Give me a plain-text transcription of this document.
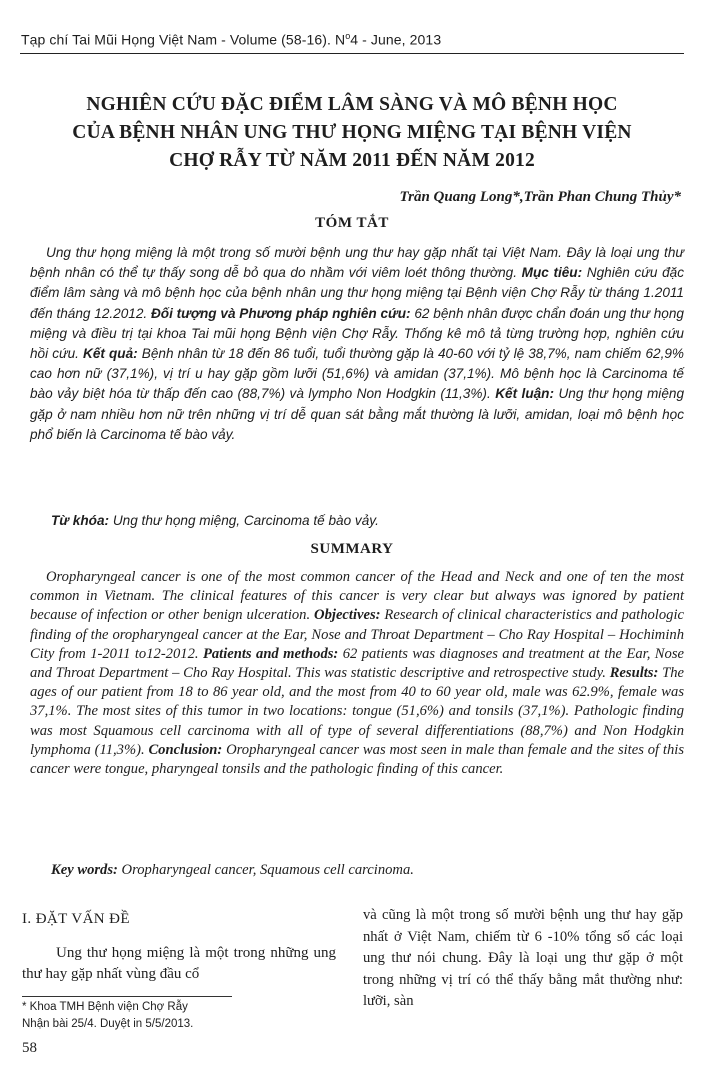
Tạp chí Tai Mũi Họng Việt Nam - Volume (58-16). $N^o4$ - June, 2013
NGHIÊN CỨU ĐẶC ĐIỂM LÂM SÀNG VÀ MÔ BỆNH HỌC
CỦA BỆNH NHÂN UNG THƯ HỌNG MIỆNG TẠI BỆNH VIỆN
CHỢ RẪY TỪ NĂM 2011 ĐẾN NĂM 2012
Trần Quang Long*,Trần Phan Chung Thủy*
TÓM TẮT

Ung thư họng miệng là một trong số mười bệnh ung thư hay gặp nhất tại Việt Nam. Đây là loại ung thư bệnh nhân có thể tự thấy song dễ bỏ qua do nhầm với viêm loét thông thường. Mục tiêu: Nghiên cứu đặc điểm lâm sàng và mô bệnh học của bệnh nhân ung thư họng miệng tại Bệnh viện Chợ Rẫy từ tháng 1.2011 đến tháng 12.2012. Đối tượng và Phương pháp nghiên cứu: 62 bệnh nhân được chẩn đoán ung thư họng miệng và điều trị tại khoa Tai mũi họng Bệnh viện Chợ Rẫy. Thống kê mô tả từng trường hợp, nghiên cứu hồi cứu. Kết quả: Bệnh nhân từ 18 đến 86 tuổi, tuổi thường gặp là 40-60 với tỷ lệ 38,7%, nam chiếm 62,9% cao hơn nữ (37,1%), vị trí u hay gặp gồm lưỡi (51,6%) và amidan (37,1%). Mô bệnh học là Carcinoma tế bào vảy biệt hóa từ thấp đến cao (88,7%) và lympho Non Hodgkin (11,3%). Kết luận: Ung thư họng miệng gặp ở nam nhiều hơn nữ trên những vị trí dễ quan sát bằng mắt thường là lưỡi, amidan, loại mô bệnh học phổ biến là Carcinoma tế bào vảy.

Từ khóa: Ung thư họng miệng, Carcinoma tế bào vảy.

SUMMARY

Oropharyngeal cancer is one of the most common cancer of the Head and Neck and one of ten the most common in Vietnam. The clinical features of this cancer is very clear but always was ignored by patient because of infection or other benign ulceration. Objectives: Research of clinical characteristics and pathologic finding of the oropharyngeal cancer at the Ear, Nose and Throat Department – Cho Ray Hospital – Hochiminh City from 1-2011 to12-2012. Patients and methods: 62 patients was diagnoses and treatment at the Ear, Nose and Throat Department – Cho Ray Hospital. This was statistic descriptive and retrospective study. Results: The ages of our patient from 18 to 86 year old, and the most from 40 to 60 year old, male was 62.9%, female was 37,1%. The most sites of this tumor in two locations: tongue (51,6%) and tonsils (37,1%). Pathologic finding was most Squamous cell carcinoma with all of type of several differentiations (88,7%) and Non Hodgkin lymphoma (11,3%). Conclusion: Oropharyngeal cancer was most seen in male than female and the sites of this cancer were tongue, pharyngeal tonsils and the pathologic finding of this cancer.

Key words: Oropharyngeal cancer, Squamous cell carcinoma.

I. ĐẶT VẤN ĐỀ

Ung thư họng miệng là một trong những ung thư hay gặp nhất vùng đầu cổ

và cũng là một trong số mười bệnh ung thư hay gặp nhất ở Việt Nam, chiếm từ 6 -10% tổng số các loại ung thư nói chung. Đây là loại ung thư gặp ở một trong những vị trí có thể thấy bằng mắt thường như: lưỡi, sàn

* Khoa TMH Bệnh viện Chợ Rẫy
Nhận bài 25/4. Duyệt in 5/5/2013.
58
